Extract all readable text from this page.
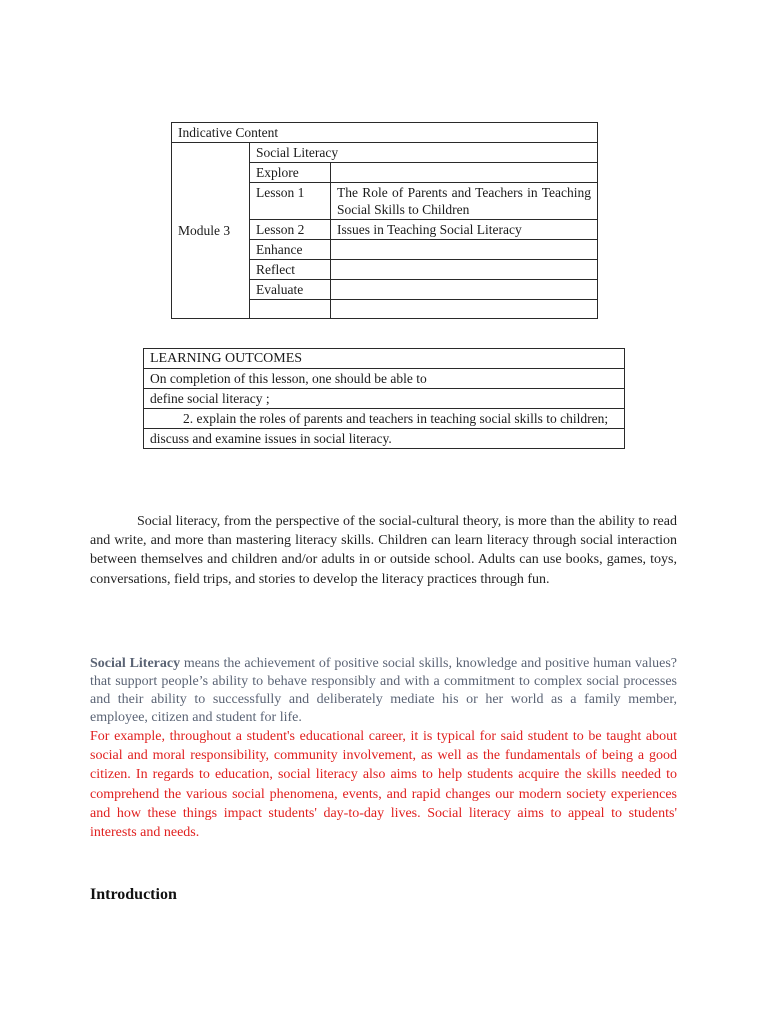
Indicative Content		
Module 3	Social Literacy	
	Explore	
	Lesson 1	The Role of Parents and Teachers in Teaching Social Skills to Children
	Lesson 2	Issues in Teaching Social Literacy
	Enhance	
	Reflect	
	Evaluate	

LEARNING OUTCOMES
On completion of this lesson, one should be able to
define social literacy ;
2. explain the roles of parents and teachers in teaching social skills to children;
discuss and examine issues in social literacy.

Social literacy, from the perspective of the social-cultural theory, is more than the ability to read and write, and more than mastering literacy skills. Children can learn literacy through social interaction between themselves and children and/or adults in or outside school. Adults can use books, games, toys, conversations, field trips, and stories to develop the literacy practices through fun.

Social Literacy means the achievement of positive social skills, knowledge and positive human values? that support people’s ability to behave responsibly and with a commitment to complex social processes and their ability to successfully and deliberately mediate his or her world as a family member, employee, citizen and student for life.

For example, throughout a student's educational career, it is typical for said student to be taught about social and moral responsibility, community involvement, as well as the fundamentals of being a good citizen. In regards to education, social literacy also aims to help students acquire the skills needed to comprehend the various social phenomena, events, and rapid changes our modern society experiences and how these things impact students' day-to-day lives. Social literacy aims to appeal to students' interests and needs.

Introduction
